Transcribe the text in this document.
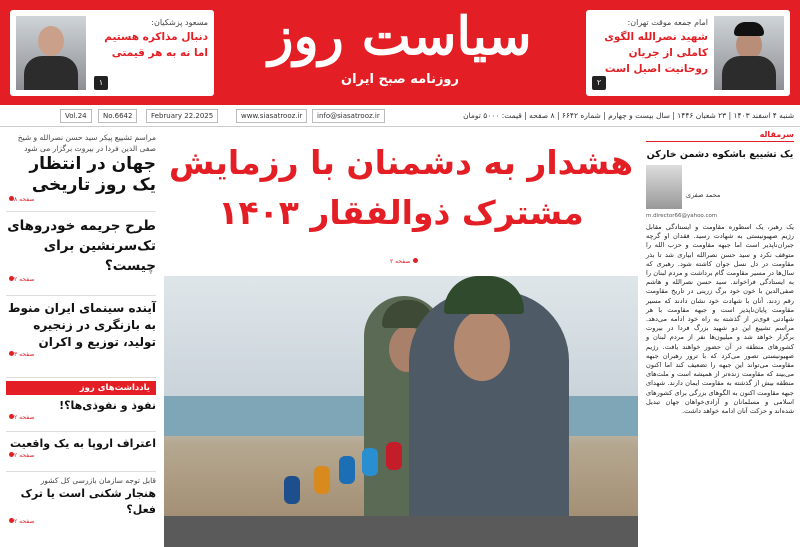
امام جمعه موقت تهران:
شهید نصرالله الگوی کاملی از جریان روحانیت اصیل است
۲
سیاست روز
روزنامه صبح ایران
مسعود پزشکیان:
دنبال مذاکره هستیم اما نه به هر قیمتی
۱
شنبه ۴ اسفند ۱۴۰۳ | ۲۳ شعبان ۱۴۴۶ | سال بیست و چهارم | شماره ۶۶۴۲ | ۸ صفحه | قیمت: ۵۰۰۰ تومان
info@siasatrooz.ir
www.siasatrooz.ir
February 22.2025
No.6642
Vol.24
مراسم تشییع پیکر سید حسن نصرالله و شیخ صفی الدین فردا در بیروت برگزار می شود
جهان در انتظار یک روز تاریخی
صفحه ۸
طرح جریمه خودروهای تک‌سرنشین برای چیست؟
صفحه ۲
آینده سینمای ایران منوط به بازنگری در زنجیره تولید، توزیع و اکران
صفحه ۳
یادداشت‌های روز
نفوذ و نفوذی‌ها؟!
صفحه ۲
اعتراف اروپا به یک واقعیت
صفحه ۲
قابل توجه سازمان بازرسی کل کشور
هنجار شکنی است یا ترک فعل؟
صفحه ۲
هشدار به دشمنان با رزمایش
مشترک ذوالفقار ۱۴۰۳
صفحه ۲
سرمقاله
یک تشییع باشکوه دشمن خارکن
محمد صفری
m.director66@yahoo.com
یک رهبر، یک اسطوره مقاومت و ایستادگی مقابل رژیم صهیونیستی به شهادت رسید. فقدان او گرچه جبران‌ناپذیر است اما جبهه مقاومت و حزب الله را متوقف نکرد و سید حسن نصرالله ابیاری شد تا بذر مقاومت در دل نسل جوان کاشته شود. رهبری که سال‌ها در مسیر مقاومت گام برداشت و مردم لبنان را به ایستادگی فراخواند. سید حسن نصرالله و هاشم صفی‌الدین با خون خود برگ زرینی در تاریخ مقاومت رقم زدند. آنان با شهادت خود نشان دادند که مسیر مقاومت پایان‌ناپذیر است و جبهه مقاومت با هر شهادتی قوی‌تر از گذشته به راه خود ادامه می‌دهد. مراسم تشییع این دو شهید بزرگ فردا در بیروت برگزار خواهد شد و میلیون‌ها نفر از مردم لبنان و کشورهای منطقه در آن حضور خواهند یافت. رژیم صهیونیستی تصور می‌کرد که با ترور رهبران جبهه مقاومت می‌تواند این جبهه را تضعیف کند اما اکنون می‌بیند که مقاومت زنده‌تر از همیشه است و ملت‌های منطقه بیش از گذشته به مقاومت ایمان دارند. شهدای جبهه مقاومت اکنون به الگوهای بزرگی برای کشورهای اسلامی و مسلمانان و آزادی‌خواهان جهان تبدیل شده‌اند و حرکت آنان ادامه خواهد داشت.
